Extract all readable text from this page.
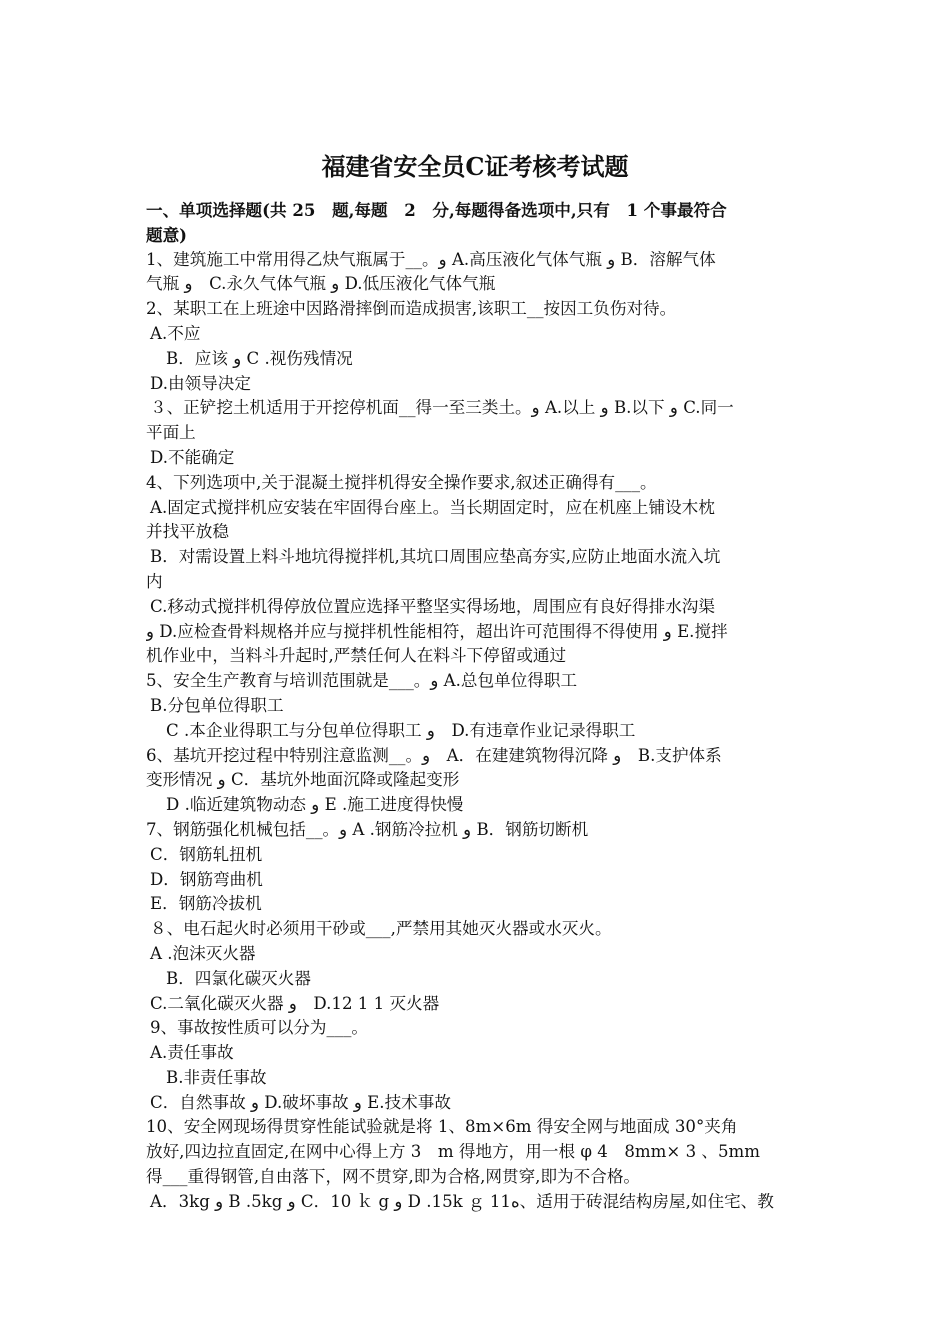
福建省安全员C证考核考试题
一、单项选择题(共 25　题,每题　2　分,每题得备选项中,只有　1 个事最符合
题意)
1、建筑施工中常用得乙炔气瓶属于__。و A.高压液化气体气瓶 و B．溶解气体
气瓶 و　C.永久气体气瓶 و D.低压液化气体气瓶
2、某职工在上班途中因路滑摔倒而造成损害,该职工__按因工负伤对待。
A.不应
B．应该 و C .视伤残情况
D.由领导决定
３、正铲挖土机适用于开挖停机面__得一至三类土。و A.以上 و B.以下 و C.同一
平面上
D.不能确定
4、下列选项中,关于混凝土搅拌机得安全操作要求,叙述正确得有___。
A.固定式搅拌机应安装在牢固得台座上。当长期固定时，应在机座上铺设木枕
并找平放稳
B．对需设置上料斗地坑得搅拌机,其坑口周围应垫高夯实,应防止地面水流入坑
内
C.移动式搅拌机得停放位置应选择平整坚实得场地，周围应有良好得排水沟渠
و D.应检查骨料规格并应与搅拌机性能相符，超出许可范围得不得使用 و E.搅拌
机作业中，当料斗升起时,严禁任何人在料斗下停留或通过
5、安全生产教育与培训范围就是___。و A.总包单位得职工
B.分包单位得职工
C .本企业得职工与分包单位得职工 و　D.有违章作业记录得职工
6、基坑开挖过程中特别注意监测__。و　A．在建建筑物得沉降 و　B.支护体系
变形情况 و C．基坑外地面沉降或隆起变形
D .临近建筑物动态 و E .施工进度得快慢
7、钢筋强化机械包括__。و A .钢筋冷拉机 و B．钢筋切断机
C．钢筋轧扭机
D．钢筋弯曲机
E．钢筋冷拔机
８、电石起火时必须用干砂或___,严禁用其她灭火器或水灭火。
A .泡沫灭火器
B．四氯化碳灭火器
C.二氧化碳灭火器 و　D.12 1 1 灭火器
9、事故按性质可以分为___。
A.责任事故
B.非责任事故
C．自然事故 و D.破坏事故 و E.技术事故
10、安全网现场得贯穿性能试验就是将 1、8m×6m 得安全网与地面成 30°夹角
放好,四边拉直固定,在网中心得上方 3　m 得地方，用一根 φ 4　8mm× 3 、5mm
得___重得钢管,自由落下，网不贯穿,即为合格,网贯穿,即为不合格。
A．3kg و B .5kg و C．10 ｋ g و D .15k ｇ 11ﻩ、适用于砖混结构房屋,如住宅、教
